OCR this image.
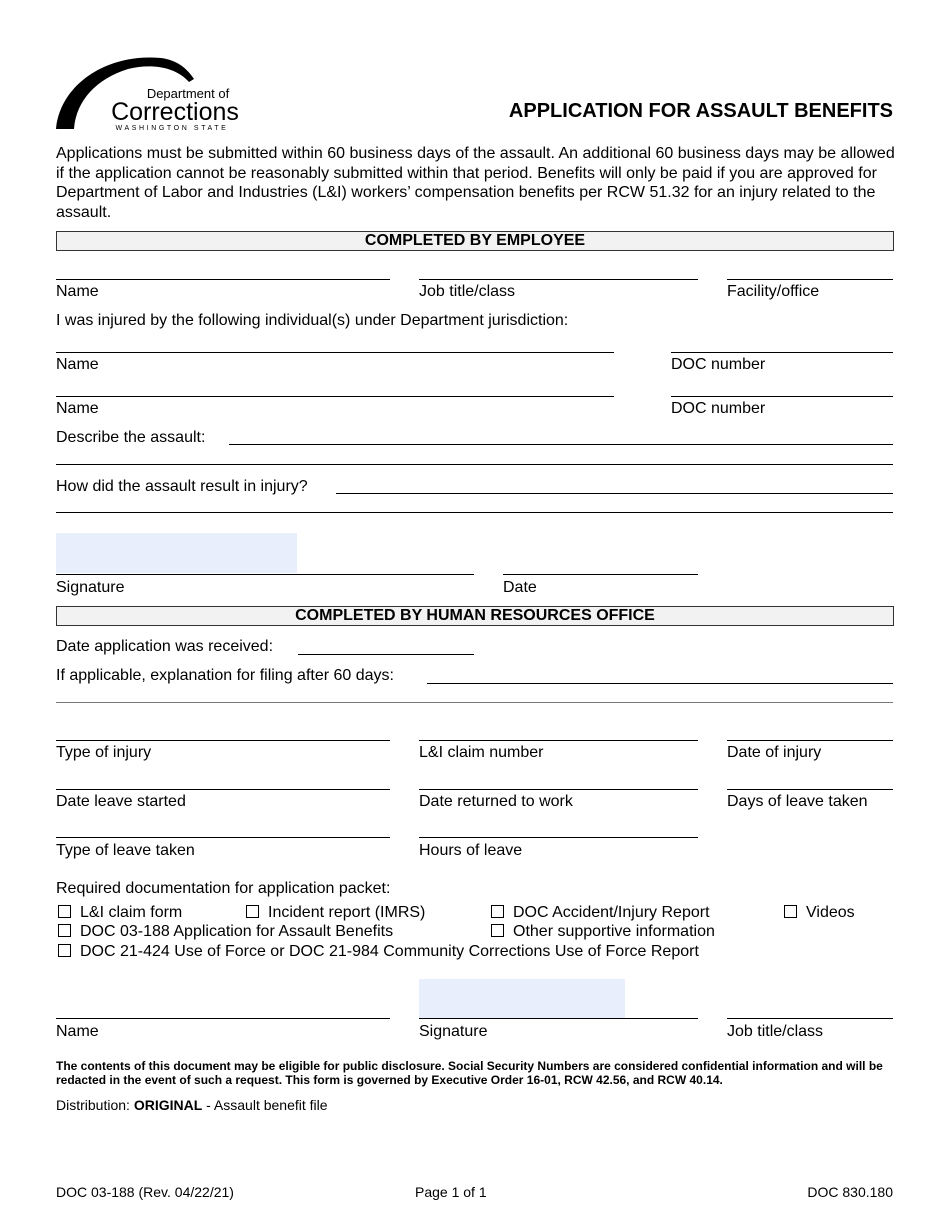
Department of
Corrections
WASHINGTON STATE
APPLICATION FOR ASSAULT BENEFITS
Applications must be submitted within 60 business days of the assault. An additional 60 business days may be allowed if the application cannot be reasonably submitted within that period. Benefits will only be paid if you are approved for Department of Labor and Industries (L&I) workers’ compensation benefits per RCW 51.32 for an injury related to the assault.
COMPLETED BY EMPLOYEE
Name	Job title/class	Facility/office
I was injured by the following individual(s) under Department jurisdiction:
Name	DOC number
Name	DOC number
Describe the assault:
How did the assault result in injury?
Signature	Date
COMPLETED BY HUMAN RESOURCES OFFICE
Date application was received:
If applicable, explanation for filing after 60 days:
Type of injury	L&I claim number	Date of injury
Date leave started	Date returned to work	Days of leave taken
Type of leave taken	Hours of leave
Required documentation for application packet:
L&I claim form	Incident report (IMRS)	DOC Accident/Injury Report	Videos
DOC 03-188 Application for Assault Benefits	Other supportive information
DOC 21-424 Use of Force or DOC 21-984 Community Corrections Use of Force Report
Name	Signature	Job title/class
The contents of this document may be eligible for public disclosure. Social Security Numbers are considered confidential information and will be redacted in the event of such a request. This form is governed by Executive Order 16-01, RCW 42.56, and RCW 40.14.
Distribution: ORIGINAL - Assault benefit file
DOC 03-188 (Rev. 04/22/21)	Page 1 of 1	DOC 830.180
